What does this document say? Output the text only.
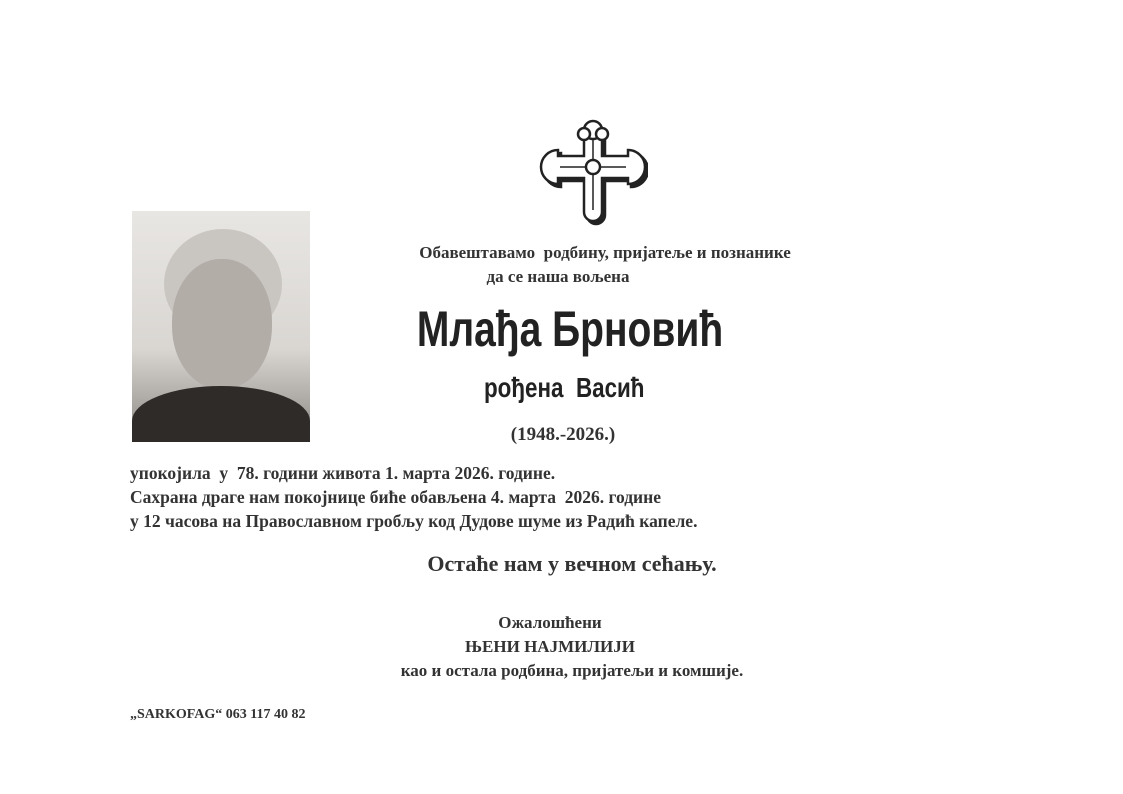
Обавештавамо  родбину, пријатеље и познанике
да се наша вољена
Млађа Брновић
рођена  Васић
(1948.-2026.)
упокојила  у  78. години живота 1. марта 2026. године.
Сахрана драге нам покојнице биће обављена 4. марта  2026. године
у 12 часова на Православном гробљу код Дудове шуме из Радић капеле.
Остаће нам у вечном сећању.
Ожалошћени
ЊЕНИ НАЈМИЛИЈИ
као и остала родбина, пријатељи и комшије.
„SARKOFAG“ 063 117 40 82
